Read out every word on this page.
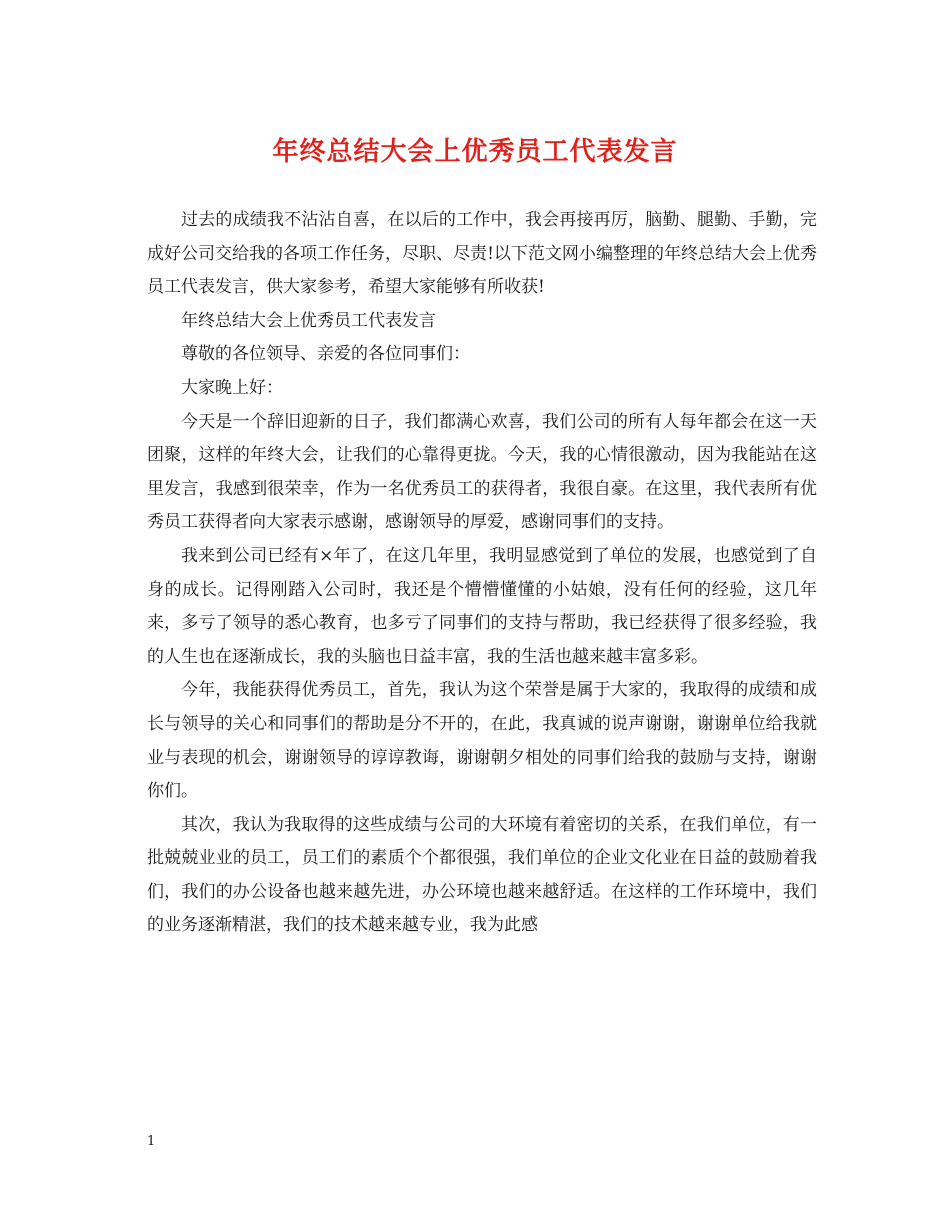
年终总结大会上优秀员工代表发言

过去的成绩我不沾沾自喜，在以后的工作中，我会再接再厉，脑勤、腿勤、手勤，完成好公司交给我的各项工作任务，尽职、尽责!以下范文网小编整理的年终总结大会上优秀员工代表发言，供大家参考，希望大家能够有所收获!

年终总结大会上优秀员工代表发言

尊敬的各位领导、亲爱的各位同事们：

大家晚上好：

今天是一个辞旧迎新的日子，我们都满心欢喜，我们公司的所有人每年都会在这一天团聚，这样的年终大会，让我们的心靠得更拢。今天，我的心情很激动，因为我能站在这里发言，我感到很荣幸，作为一名优秀员工的获得者，我很自豪。在这里，我代表所有优秀员工获得者向大家表示感谢，感谢领导的厚爱，感谢同事们的支持。

我来到公司已经有×年了，在这几年里，我明显感觉到了单位的发展，也感觉到了自身的成长。记得刚踏入公司时，我还是个懵懵懂懂的小姑娘，没有任何的经验，这几年来，多亏了领导的悉心教育，也多亏了同事们的支持与帮助，我已经获得了很多经验，我的人生也在逐渐成长，我的头脑也日益丰富，我的生活也越来越丰富多彩。

今年，我能获得优秀员工，首先，我认为这个荣誉是属于大家的，我取得的成绩和成长与领导的关心和同事们的帮助是分不开的，在此，我真诚的说声谢谢，谢谢单位给我就业与表现的机会，谢谢领导的谆谆教诲，谢谢朝夕相处的同事们给我的鼓励与支持，谢谢你们。

其次，我认为我取得的这些成绩与公司的大环境有着密切的关系，在我们单位，有一批兢兢业业的员工，员工们的素质个个都很强，我们单位的企业文化业在日益的鼓励着我们，我们的办公设备也越来越先进，办公环境也越来越舒适。在这样的工作环境中，我们的业务逐渐精湛，我们的技术越来越专业，我为此感

1
